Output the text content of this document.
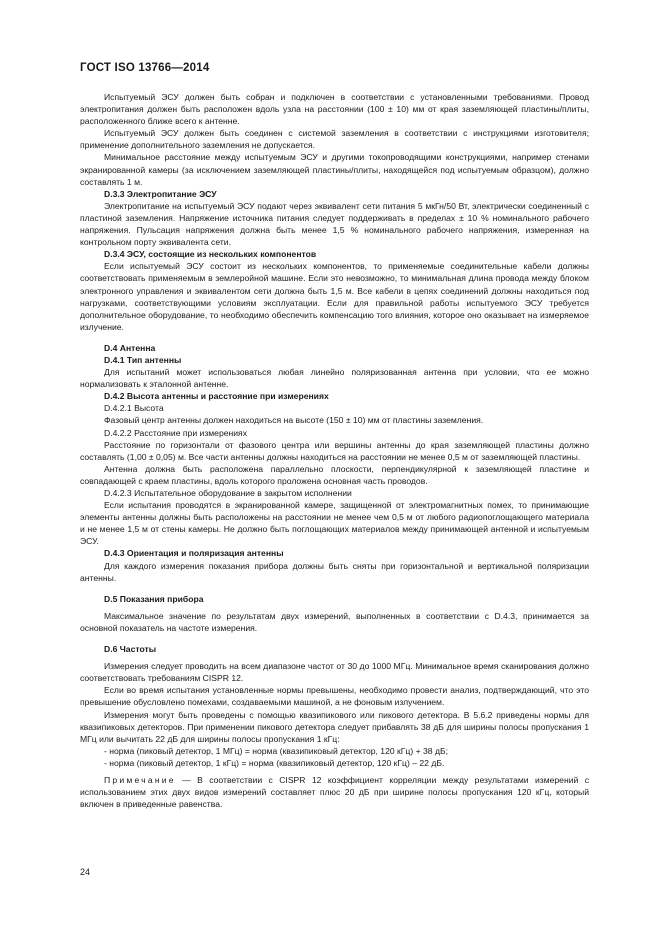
ГОСТ ISO 13766—2014

Испытуемый ЭСУ должен быть собран и подключен в соответствии с установленными требованиями. Провод электропитания должен быть расположен вдоль узла на расстоянии (100 ± 10) мм от края заземляющей пластины/плиты, расположенного ближе всего к антенне.

Испытуемый ЭСУ должен быть соединен с системой заземления в соответствии с инструкциями изготовителя; применение дополнительного заземления не допускается.

Минимальное расстояние между испытуемым ЭСУ и другими токопроводящими конструкциями, например стенами экранированной камеры (за исключением заземляющей пластины/плиты, находящейся под испытуемым образцом), должно составлять 1 м.

D.3.3 Электропитание ЭСУ

Электропитание на испытуемый ЭСУ подают через эквивалент сети питания 5 мкГн/50 Вт, электрически соединенный с пластиной заземления. Напряжение источника питания следует поддерживать в пределах ± 10 % номинального рабочего напряжения. Пульсация напряжения должна быть менее 1,5 % номинального рабочего напряжения, измеренная на контрольном порту эквивалента сети.

D.3.4 ЭСУ, состоящие из нескольких компонентов

Если испытуемый ЭСУ состоит из нескольких компонентов, то применяемые соединительные кабели должны соответствовать применяемым в землеройной машине. Если это невозможно, то минимальная длина провода между блоком электронного управления и эквивалентом сети должна быть 1,5 м. Все кабели в цепях соединений должны находиться под нагрузками, соответствующими условиям эксплуатации. Если для правильной работы испытуемого ЭСУ требуется дополнительное оборудование, то необходимо обеспечить компенсацию того влияния, которое оно оказывает на измеряемое излучение.

D.4 Антенна
D.4.1 Тип антенны

Для испытаний может использоваться любая линейно поляризованная антенна при условии, что ее можно нормализовать к эталонной антенне.

D.4.2 Высота антенны и расстояние при измерениях

D.4.2.1 Высота

Фазовый центр антенны должен находиться на высоте (150 ± 10) мм от пластины заземления.

D.4.2.2 Расстояние при измерениях

Расстояние по горизонтали от фазового центра или вершины антенны до края заземляющей пластины должно составлять (1,00 ± 0,05) м. Все части антенны должны находиться на расстоянии не менее 0,5 м от заземляющей пластины.

Антенна должна быть расположена параллельно плоскости, перпендикулярной к заземляющей пластине и совпадающей с краем пластины, вдоль которого проложена основная часть проводов.

D.4.2.3 Испытательное оборудование в закрытом исполнении

Если испытания проводятся в экранированной камере, защищенной от электромагнитных помех, то принимающие элементы антенны должны быть расположены на расстоянии не менее чем 0,5 м от любого радиопоглощающего материала и не менее 1,5 м от стены камеры. Не должно быть поглощающих материалов между принимающей антенной и испытуемым ЭСУ.

D.4.3 Ориентация и поляризация антенны

Для каждого измерения показания прибора должны быть сняты при горизонтальной и вертикальной поляризации антенны.

D.5 Показания прибора

Максимальное значение по результатам двух измерений, выполненных в соответствии с D.4.3, принимается за основной показатель на частоте измерения.

D.6 Частоты

Измерения следует проводить на всем диапазоне частот от 30 до 1000 МГц. Минимальное время сканирования должно соответствовать требованиям CISPR 12.

Если во время испытания установленные нормы превышены, необходимо провести анализ, подтверждающий, что это превышение обусловлено помехами, создаваемыми машиной, а не фоновым излучением.

Измерения могут быть проведены с помощью квазипикового или пикового детектора. В 5.6.2 приведены нормы для квазипиковых детекторов. При применении пикового детектора следует прибавлять 38 дБ для ширины полосы пропускания 1 МГц или вычитать 22 дБ для ширины полосы пропускания 1 кГц:

- норма (пиковый детектор, 1 МГц) = норма (квазипиковый детектор, 120 кГц) + 38 дБ;

- норма (пиковый детектор, 1 кГц) = норма (квазипиковый детектор, 120 кГц) – 22 дБ.

Примечание — В соответствии с CISPR 12 коэффициент корреляции между результатами измерений с использованием этих двух видов измерений составляет плюс 20 дБ при ширине полосы пропускания 120 кГц, который включен в приведенные равенства.

24
